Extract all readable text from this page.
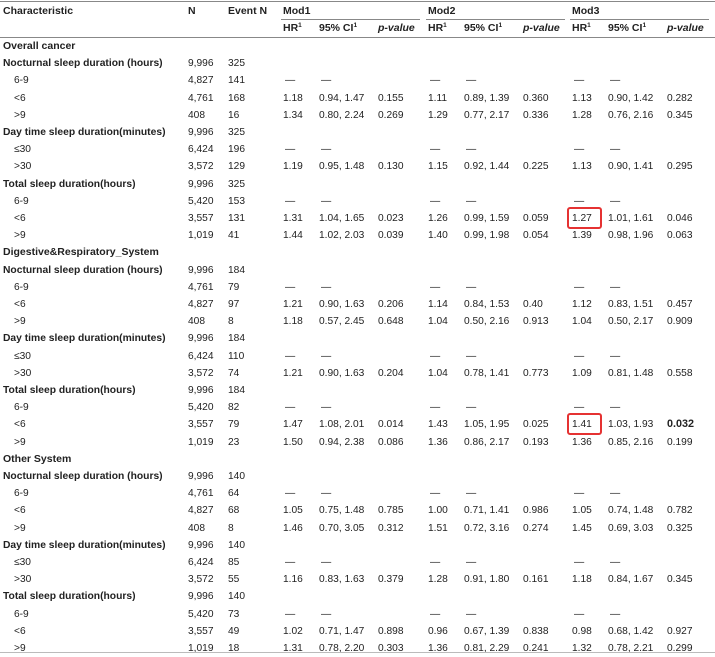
Characteristic	N	Event N Mod1	Mod2	Mod3
$HR^1$ 95% $CI^1$ p-value $HR^1$ 95% $CI^1$ p-value $HR^1$ 95% $CI^1$ p-value
Overall cancer
Nocturnal sleep duration (hours) 9,996 325
6-9	4,827 141	—	—	—	—	—	—
<6	4,761 168	1.18 0.94, 1.47 0.155 1.11 0.89, 1.39 0.360 1.13 0.90, 1.42 0.282
>9	408 16	1.34 0.80, 2.24 0.269 1.29 0.77, 2.17 0.336 1.28 0.76, 2.16 0.345
Day time sleep duration(minutes) 9,996 325
≤30	6,424 196	—	—	—	—	—	—
>30	3,572 129	1.19 0.95, 1.48 0.130 1.15 0.92, 1.44 0.225 1.13 0.90, 1.41 0.295
Total sleep duration(hours)	9,996 325
6-9	5,420 153	—	—	—	—	—	—
<6	3,557 131	1.31 1.04, 1.65 0.023 1.26 0.99, 1.59 0.059 1.27 1.01, 1.61 0.046
>9	1,019 41	1.44 1.02, 2.03 0.039 1.40 0.99, 1.98 0.054 1.39 0.98, 1.96 0.063
Digestive&Respiratory_System
Nocturnal sleep duration (hours) 9,996 184
6-9	4,761 79	—	—	—	—	—	—
<6	4,827 97	1.21 0.90, 1.63 0.206 1.14 0.84, 1.53 0.40	1.12 0.83, 1.51 0.457
>9	408 8	1.18 0.57, 2.45 0.648 1.04 0.50, 2.16 0.913 1.04 0.50, 2.17 0.909
Day time sleep duration(minutes) 9,996 184
≤30	6,424 110	—	—	—	—	—	—
>30	3,572 74	1.21 0.90, 1.63 0.204 1.04 0.78, 1.41 0.773 1.09 0.81, 1.48 0.558
Total sleep duration(hours)	9,996 184
6-9	5,420 82	—	—	—	—	—	—
<6	3,557 79	1.47 1.08, 2.01 0.014 1.43 1.05, 1.95 0.025 1.41 1.03, 1.93 0.032
>9	1,019 23	1.50 0.94, 2.38 0.086 1.36 0.86, 2.17 0.193 1.36 0.85, 2.16 0.199
Other System
Nocturnal sleep duration (hours) 9,996 140
6-9	4,761 64	—	—	—	—	—	—
<6	4,827 68	1.05 0.75, 1.48 0.785 1.00 0.71, 1.41 0.986 1.05 0.74, 1.48 0.782
>9	408 8	1.46 0.70, 3.05 0.312 1.51 0.72, 3.16 0.274 1.45 0.69, 3.03 0.325
Day time sleep duration(minutes) 9,996 140
≤30	6,424 85	—	—	—	—	—	—
>30	3,572 55	1.16 0.83, 1.63 0.379 1.28 0.91, 1.80 0.161 1.18 0.84, 1.67 0.345
Total sleep duration(hours)	9,996 140
6-9	5,420 73	—	—	—	—	—	—
<6	3,557 49	1.02 0.71, 1.47 0.898 0.96 0.67, 1.39 0.838 0.98 0.68, 1.42 0.927
>9	1,019 18	1.31 0.78, 2.20 0.303 1.36 0.81, 2.29 0.241 1.32 0.78, 2.21 0.299
